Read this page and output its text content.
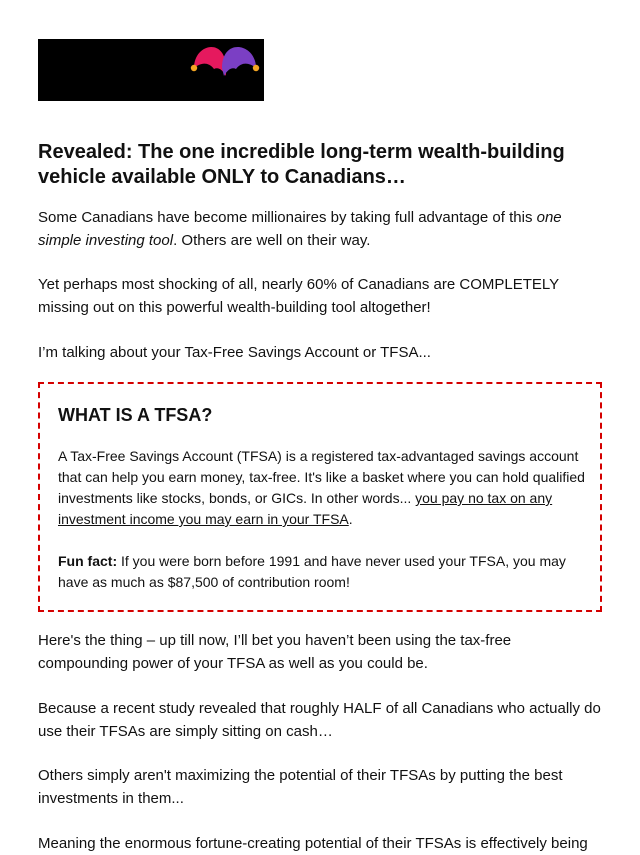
Revealed: The one incredible long-term wealth-building vehicle available ONLY to Canadians…

Some Canadians have become millionaires by taking full advantage of this one simple investing tool. Others are well on their way.

Yet perhaps most shocking of all, nearly 60% of Canadians are COMPLETELY missing out on this powerful wealth-building tool altogether!

I’m talking about your Tax-Free Savings Account or TFSA...

WHAT IS A TFSA?

A Tax-Free Savings Account (TFSA) is a registered tax-advantaged savings account that can help you earn money, tax-free. It's like a basket where you can hold qualified investments like stocks, bonds, or GICs. In other words... you pay no tax on any investment income you may earn in your TFSA.

Fun fact: If you were born before 1991 and have never used your TFSA, you may have as much as $87,500 of contribution room!

Here's the thing – up till now, I’ll bet you haven’t been using the tax-free compounding power of your TFSA as well as you could be.

Because a recent study revealed that roughly HALF of all Canadians who actually do use their TFSAs are simply sitting on cash…

Others simply aren't maximizing the potential of their TFSAs by putting the best investments in them...

Meaning the enormous fortune-creating potential of their TFSAs is effectively being
